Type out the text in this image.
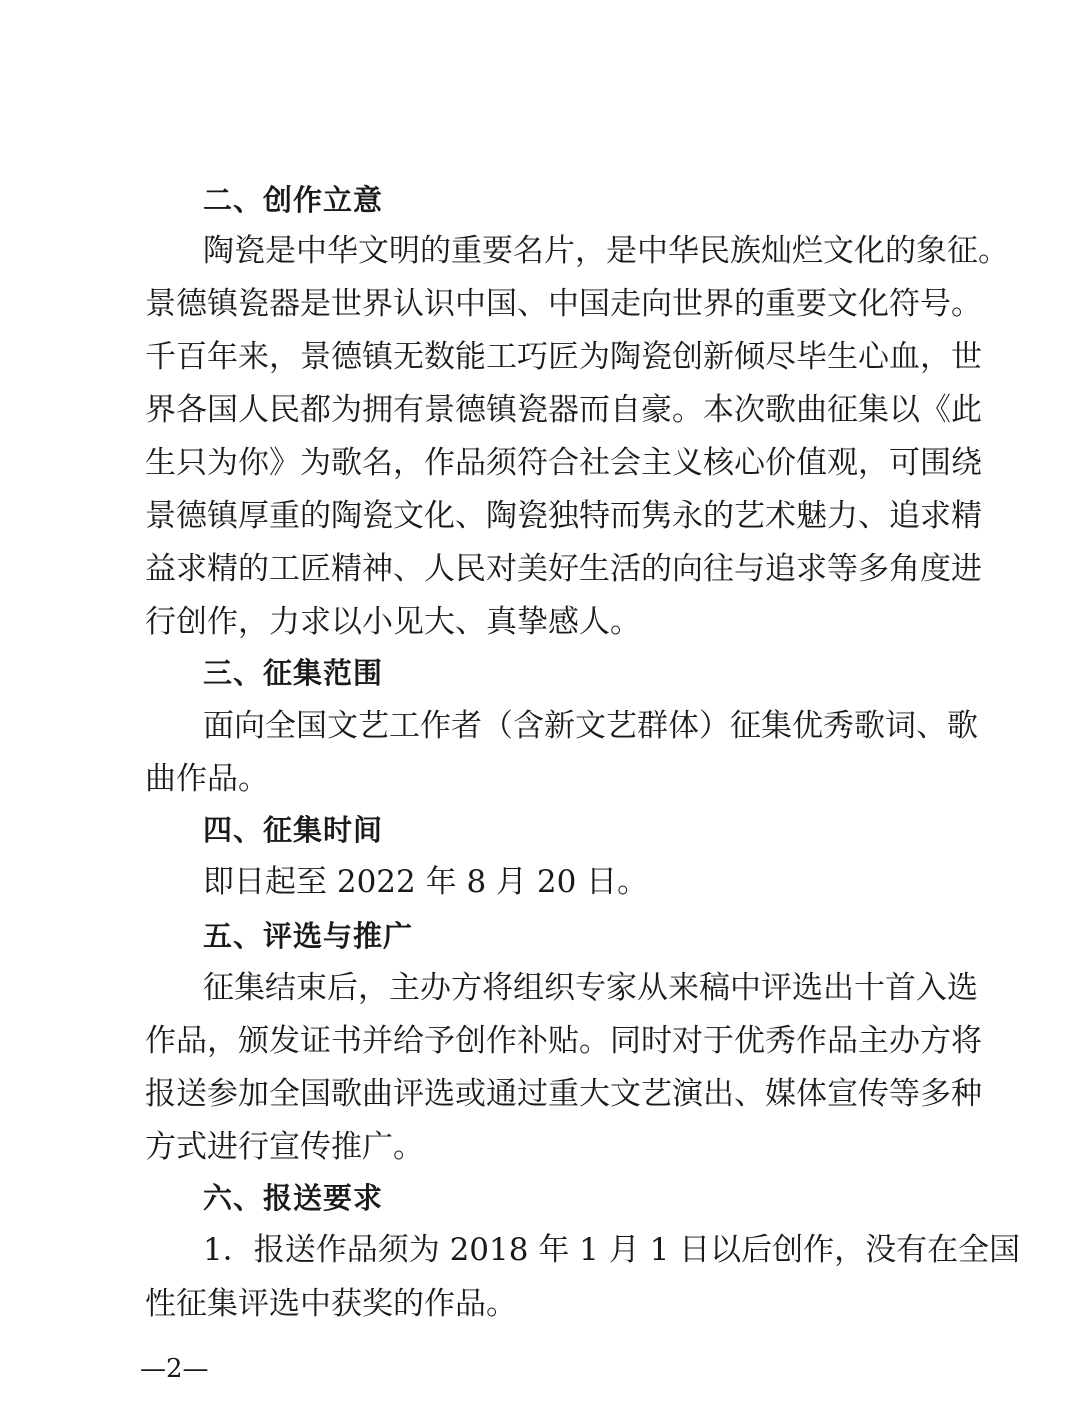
二、创作立意
陶瓷是中华文明的重要名片，是中华民族灿烂文化的象征。
景德镇瓷器是世界认识中国、中国走向世界的重要文化符号。
千百年来，景德镇无数能工巧匠为陶瓷创新倾尽毕生心血，世
界各国人民都为拥有景德镇瓷器而自豪。本次歌曲征集以《此
生只为你》为歌名，作品须符合社会主义核心价值观，可围绕
景德镇厚重的陶瓷文化、陶瓷独特而隽永的艺术魅力、追求精
益求精的工匠精神、人民对美好生活的向往与追求等多角度进
行创作，力求以小见大、真挚感人。
三、征集范围
面向全国文艺工作者（含新文艺群体）征集优秀歌词、歌
曲作品。
四、征集时间
即日起至 2022 年 8 月 20 日。
五、评选与推广
征集结束后，主办方将组织专家从来稿中评选出十首入选
作品，颁发证书并给予创作补贴。同时对于优秀作品主办方将
报送参加全国歌曲评选或通过重大文艺演出、媒体宣传等多种
方式进行宣传推广。
六、报送要求
1．报送作品须为 2018 年 1 月 1 日以后创作，没有在全国
性征集评选中获奖的作品。
—2—
